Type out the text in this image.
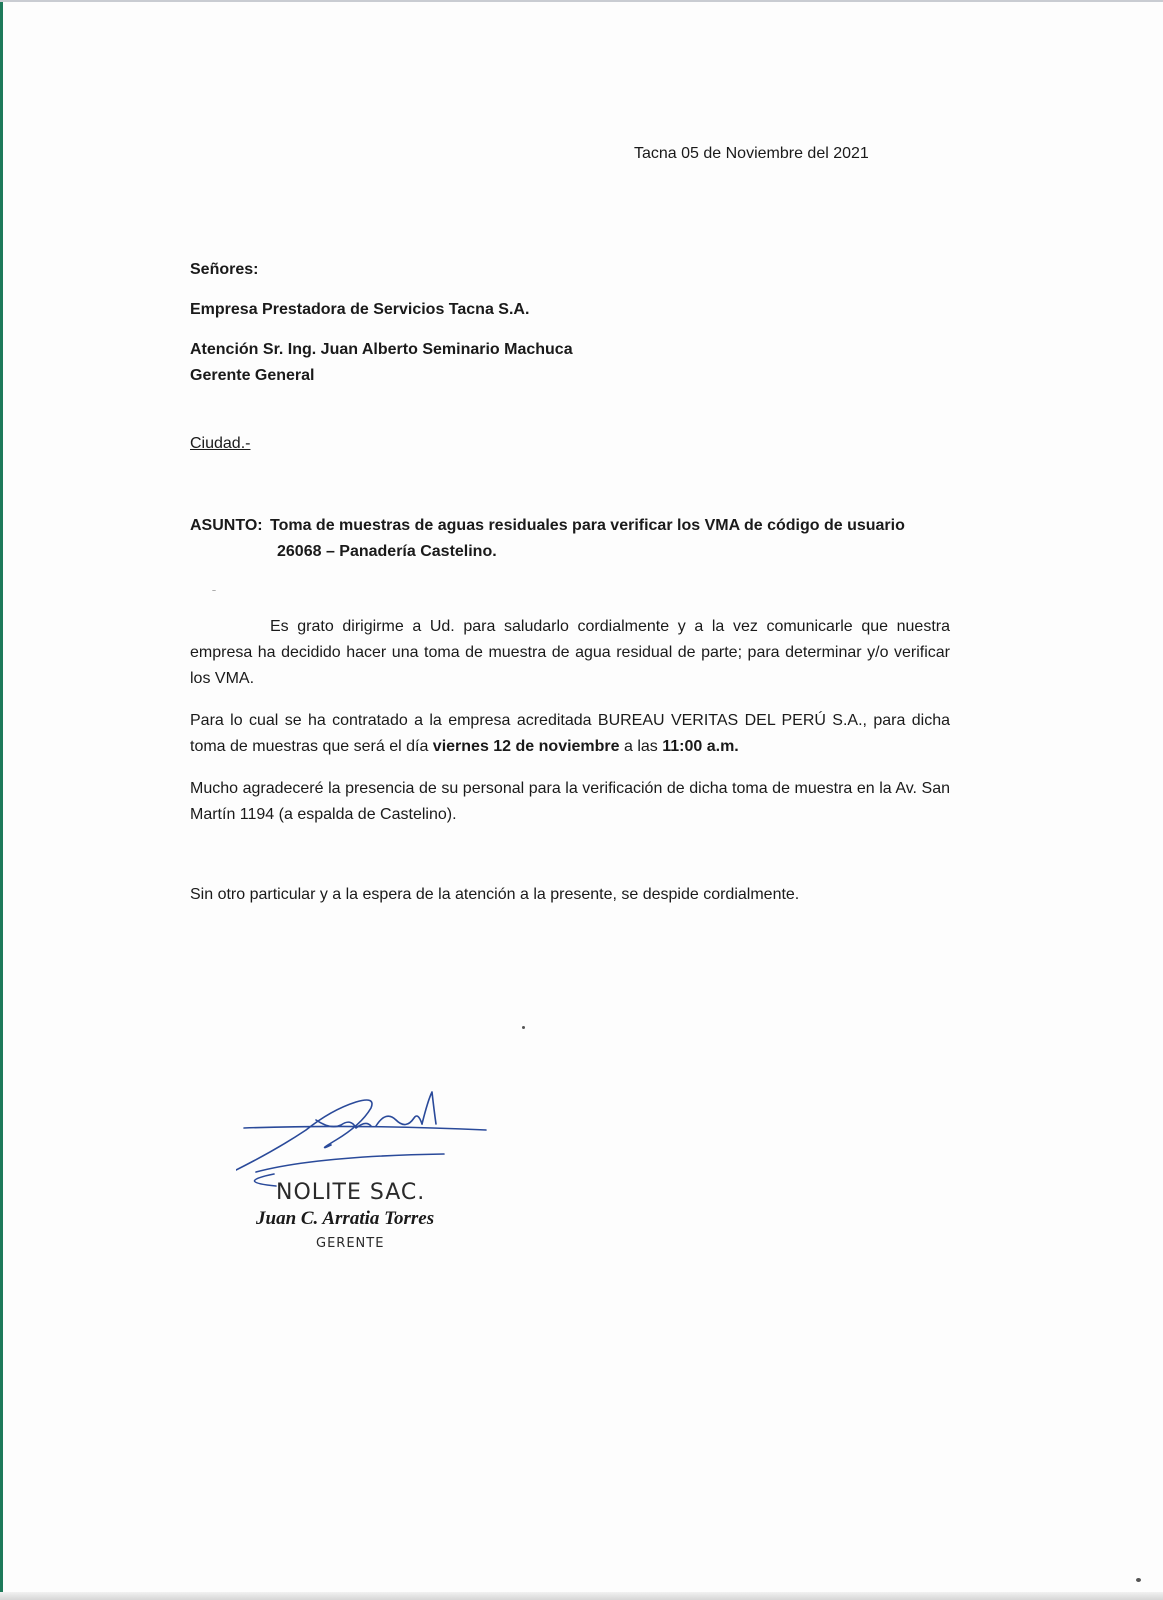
Tacna 05 de Noviembre del 2021
Señores:
Empresa Prestadora de Servicios Tacna S.A.
Atención Sr. Ing. Juan Alberto Seminario Machuca
Gerente General
Ciudad.-
ASUNTO: Toma de muestras de aguas residuales para verificar los VMA de código de usuario
26068 – Panadería Castelino.
Es grato dirigirme a Ud. para saludarlo cordialmente y a la vez comunicarle que nuestra empresa ha decidido hacer una toma de muestra de agua residual de parte; para determinar y/o verificar los VMA.
Para lo cual se ha contratado a la empresa acreditada BUREAU VERITAS DEL PERÚ S.A., para dicha toma de muestras que será el día viernes 12 de noviembre a las 11:00 a.m.
Mucho agradeceré la presencia de su personal para la verificación de dicha toma de muestra en la Av. San Martín 1194 (a espalda de Castelino).
Sin otro particular y a la espera de la atención a la presente, se despide cordialmente.
NOLITE SAC.
Juan C. Arratia Torres
GERENTE
